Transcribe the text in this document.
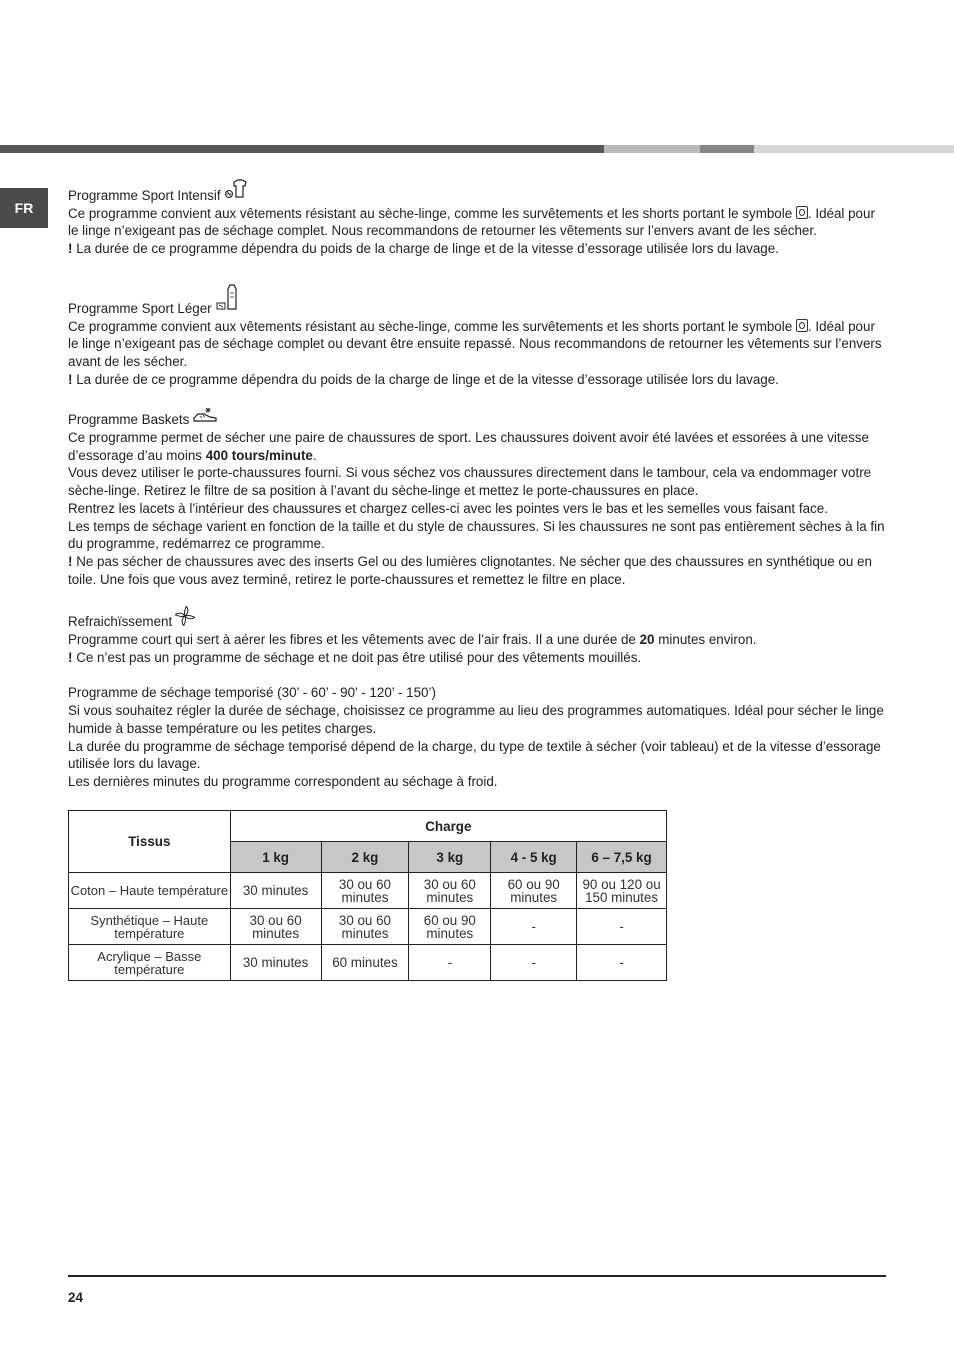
FR
Programme Sport Intensif

Ce programme convient aux vêtements résistant au sèche-linge, comme les survêtements et les shorts portant le symbole . Idéal pour le linge n’exigeant pas de séchage complet. Nous recommandons de retourner les vêtements sur l’envers avant de les sécher.

! La durée de ce programme dépendra du poids de la charge de linge et de la vitesse d’essorage utilisée lors du lavage.

Programme Sport Léger

Ce programme convient aux vêtements résistant au sèche-linge, comme les survêtements et les shorts portant le symbole . Idéal pour le linge n’exigeant pas de séchage complet ou devant être ensuite repassé. Nous recommandons de retourner les vêtements sur l’envers avant de les sécher.

! La durée de ce programme dépendra du poids de la charge de linge et de la vitesse d’essorage utilisée lors du lavage.

Programme Baskets

Ce programme permet de sécher une paire de chaussures de sport. Les chaussures doivent avoir été lavées et essorées à une vitesse d’essorage d’au moins 400 tours/minute.

Vous devez utiliser le porte-chaussures fourni. Si vous séchez vos chaussures directement dans le tambour, cela va endommager votre sèche-linge. Retirez le filtre de sa position à l’avant du sèche-linge et mettez le porte-chaussures en place.

Rentrez les lacets à l’intérieur des chaussures et chargez celles-ci avec les pointes vers le bas et les semelles vous faisant face.

Les temps de séchage varient en fonction de la taille et du style de chaussures. Si les chaussures ne sont pas entièrement sèches à la fin du programme, redémarrez ce programme.

! Ne pas sécher de chaussures avec des inserts Gel ou des lumières clignotantes. Ne sécher que des chaussures en synthétique ou en toile. Une fois que vous avez terminé, retirez le porte-chaussures et remettez le filtre en place.

Refraichïssement

Programme court qui sert à aérer les fibres et les vêtements avec de l’air frais. Il a une durée de 20 minutes environ.

! Ce n’est pas un programme de séchage et ne doit pas être utilisé pour des vêtements mouillés.

Programme de séchage temporisé (30’ - 60’ - 90’ - 120’ - 150’)

Si vous souhaitez régler la durée de séchage, choisissez ce programme au lieu des programmes automatiques. Idéal pour sécher le linge humide à basse température ou les petites charges.

La durée du programme de séchage temporisé dépend de la charge, du type de textile à sécher (voir tableau) et de la vitesse d’essorage utilisée lors du lavage.

Les dernières minutes du programme correspondent au séchage à froid.

Tissus	Charge				
	1 kg	2 kg	3 kg	4 - 5 kg	6 – 7,5 kg
Coton – Haute température	30 minutes	30 ou 60 minutes	30 ou 60 minutes	60 ou 90 minutes	90 ou 120 ou 150 minutes
Synthétique – Haute température	30 ou 60 minutes	30 ou 60 minutes	60 ou 90 minutes	-	-
Acrylique – Basse température	30 minutes	60 minutes	-	-	-
24
